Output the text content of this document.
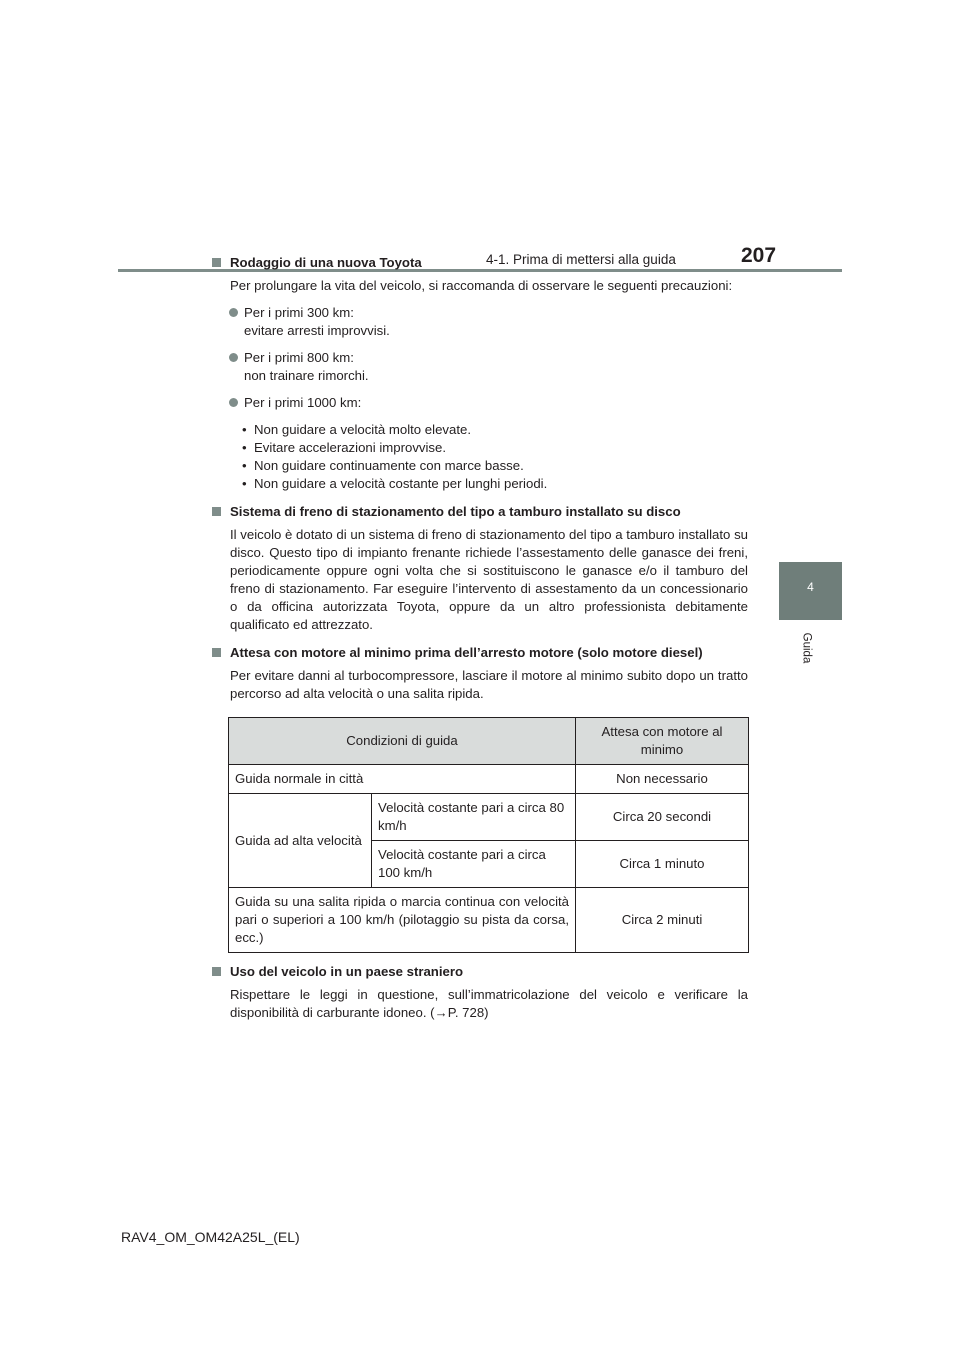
4-1. Prima di mettersi alla guida	207
4
Guida
Rodaggio di una nuova Toyota
Per prolungare la vita del veicolo, si raccomanda di osservare le seguenti precauzioni:
Per i primi 300 km:
evitare arresti improvvisi.
Per i primi 800 km:
non trainare rimorchi.
Per i primi 1000 km:
• Non guidare a velocità molto elevate.
• Evitare accelerazioni improvvise.
• Non guidare continuamente con marce basse.
• Non guidare a velocità costante per lunghi periodi.
Sistema di freno di stazionamento del tipo a tamburo installato su disco
Il veicolo è dotato di un sistema di freno di stazionamento del tipo a tamburo installato su disco. Questo tipo di impianto frenante richiede l’assestamento delle ganasce dei freni, periodicamente oppure ogni volta che si sostituiscono le ganasce e/o il tamburo del freno di stazionamento. Far eseguire l’intervento di assestamento da un concessionario o da officina autorizzata Toyota, oppure da un altro professionista debitamente qualificato ed attrezzato.
Attesa con motore al minimo prima dell’arresto motore (solo motore diesel)
Per evitare danni al turbocompressore, lasciare il motore al minimo subito dopo un tratto percorso ad alta velocità o una salita ripida.
Condizioni di guida		Attesa con motore al minimo
Guida normale in città		Non necessario
Guida ad alta velocità	Velocità costante pari a circa 80 km/h	Circa 20 secondi
	Velocità costante pari a circa 100 km/h	Circa 1 minuto
Guida su una salita ripida o marcia continua con velocità pari o superiori a 100 km/h (pilotaggio su pista da corsa, ecc.)		Circa 2 minuti
Uso del veicolo in un paese straniero
Rispettare le leggi in questione, sull’immatricolazione del veicolo e verificare la disponibilità di carburante idoneo. (→P. 728)
RAV4_OM_OM42A25L_(EL)
